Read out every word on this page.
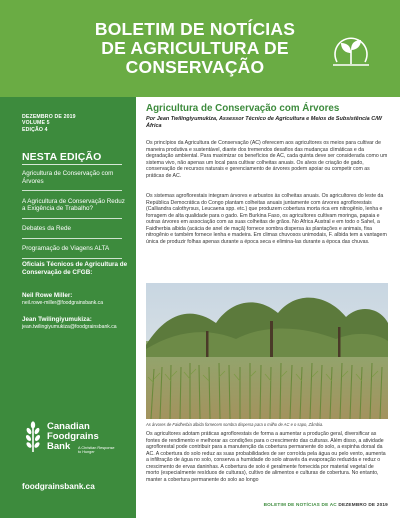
BOLETIM DE NOTÍCIAS
DE AGRICULTURA DE
CONSERVAÇÃO
DEZEMBRO DE 2019
VOLUME 5
EDIÇÃO 4
NESTA EDIÇÃO
Agricultura de Conservação com Árvores
A Agricultura de Conservação Reduz a Exigência de Trabalho?
Debates da Rede
Programação de Viagens ALTA
Oficiais Técnicos de Agricultura de Conservação de CFGB:
Neil Rowe Miller:
neil.rowe-miller@foodgrainsbank.ca
Jean Twilingiyumukiza:
jean.twilingiyumukiza@foodgrainsbank.ca
Canadian
Foodgrains
Bank	A Christian Response
to Hunger
foodgrainsbank.ca
Agricultura de Conservação com Árvores
Por Jean Twilingiyumukiza, Assessor Técnico de Agricultura e Meios de Subsistência C/W África

Os princípios da Agricultura de Conservação (AC) oferecem aos agricultores os meios para cultivar de maneira produtiva e sustentável, diante dos tremendos desafios das mudanças climáticas e da degradação ambiental. Para maximizar os benefícios de AC, cada quinta deve ser considerada como um sistema vivo, não apenas um local para cultivar colheitas anuais. Os alvos de criação de gado, conservação de recursos naturais e gerenciamento de árvores podem apoiar ou competir com as práticas de AC.

Os sistemas agroflorestais integram árvores e arbustos às colheitas anuais. Os agricultores do leste da República Democrática do Congo plantam colheitas anuais juntamente com árvores agroflorestais (Calliandra calothyrsus, Leucaena spp. etc.) que produzem cobertura morta rica em nitrogênio, lenha e forragem de alta qualidade para o gado. Em Burkina Faso, os agricultores cultivam moringa, papaia e outras árvores em associação com as suas colheitas de grãos. No Africa Austral e em todo o Sahel, a Faidherbia albida (acácia de anel de maçã) fornece sombra dispersa às plantações e animais, fixa nitrogênio e também fornece lenha e madeira. Em climas chuvosos unimodais, F. albida tem a vantagem única de produzir folhas apenas durante a época seca e elimina-las durante a época das chuvas.

As árvores de Faidherbia albida fornecem sombra dispersa para o milho de AC e o sapo, Zâmbia.

Os agricultores adotam práticas agroflorestais de forma a aumentar a produção geral, diversificar as fontes de rendimento e melhorar as condições para o crescimento das culturas. Além disso, a atividade agroflorestal pode contribuir para a manutenção da cobertura permanente do solo, a espinha dorsal da AC. A cobertura do solo reduz as suas probabilidades de ser corroída pela água ou pelo vento, aumenta a infiltração de água no solo, conserva a humidade do solo através da evaporação reduzida e reduz o crescimento de ervas daninhas. A cobertura de solo é geralmente fornecida por material vegetal de morto (especialmente resíduos de culturas), cultivo de alimentos e culturas de cobertura. No entanto, manter a cobertura permanente do solo ao longo

BOLETIM DE NOTÍCIAS DE AC DEZEMBRO DE 2019
